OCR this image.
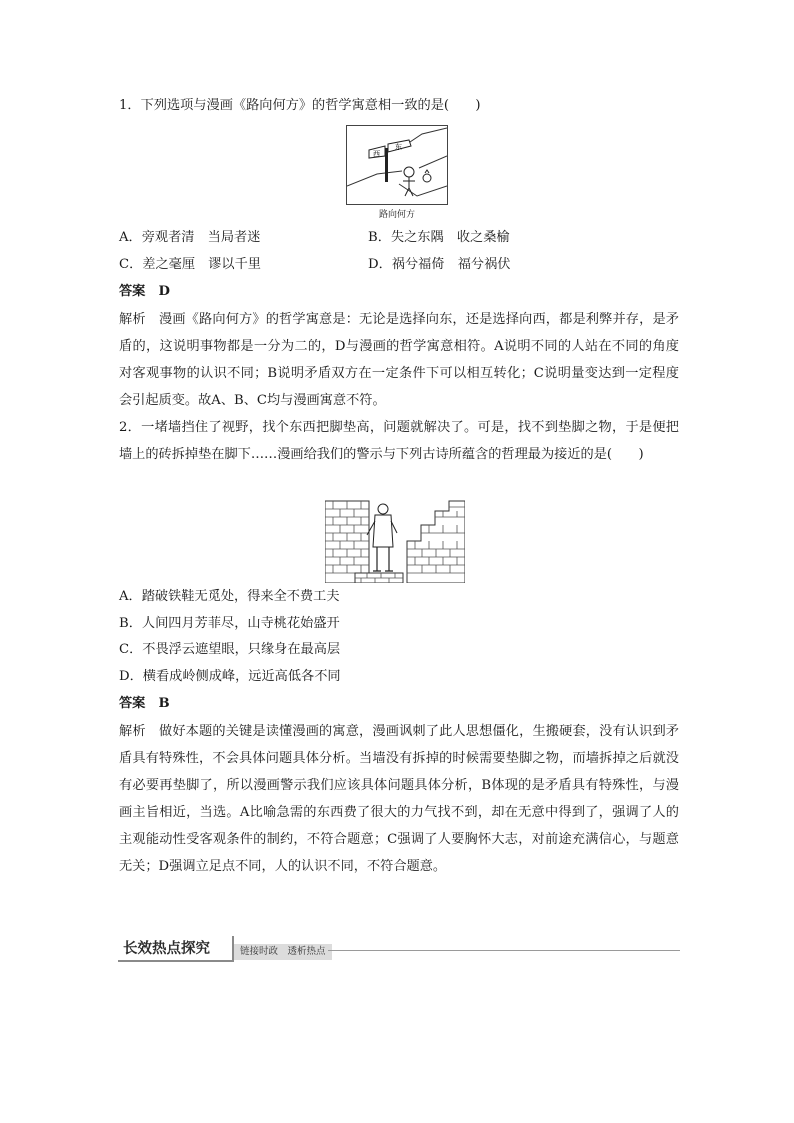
1．下列选项与漫画《路向何方》的哲学寓意相一致的是(　　)
西
东
路向何方
A．旁观者清　当局者迷	B．失之东隅　收之桑榆
C．差之毫厘　谬以千里	D．祸兮福倚　福兮祸伏
答案　D
解析　漫画《路向何方》的哲学寓意是：无论是选择向东，还是选择向西，都是利弊并存，是矛盾的，这说明事物都是一分为二的，D与漫画的哲学寓意相符。A说明不同的人站在不同的角度对客观事物的认识不同；B说明矛盾双方在一定条件下可以相互转化；C说明量变达到一定程度会引起质变。故A、B、C均与漫画寓意不符。
2．一堵墙挡住了视野，找个东西把脚垫高，问题就解决了。可是，找不到垫脚之物，于是便把墙上的砖拆掉垫在脚下……漫画给我们的警示与下列古诗所蕴含的哲理最为接近的是(　　)
A．踏破铁鞋无觅处，得来全不费工夫
B．人间四月芳菲尽，山寺桃花始盛开
C．不畏浮云遮望眼，只缘身在最高层
D．横看成岭侧成峰，远近高低各不同
答案　B
解析　做好本题的关键是读懂漫画的寓意，漫画讽刺了此人思想僵化，生搬硬套，没有认识到矛盾具有特殊性，不会具体问题具体分析。当墙没有拆掉的时候需要垫脚之物，而墙拆掉之后就没有必要再垫脚了，所以漫画警示我们应该具体问题具体分析，B体现的是矛盾具有特殊性，与漫画主旨相近，当选。A比喻急需的东西费了很大的力气找不到，却在无意中得到了，强调了人的主观能动性受客观条件的制约，不符合题意；C强调了人要胸怀大志，对前途充满信心，与题意无关；D强调立足点不同，人的认识不同，不符合题意。
长效热点探究	链接时政　透析热点
